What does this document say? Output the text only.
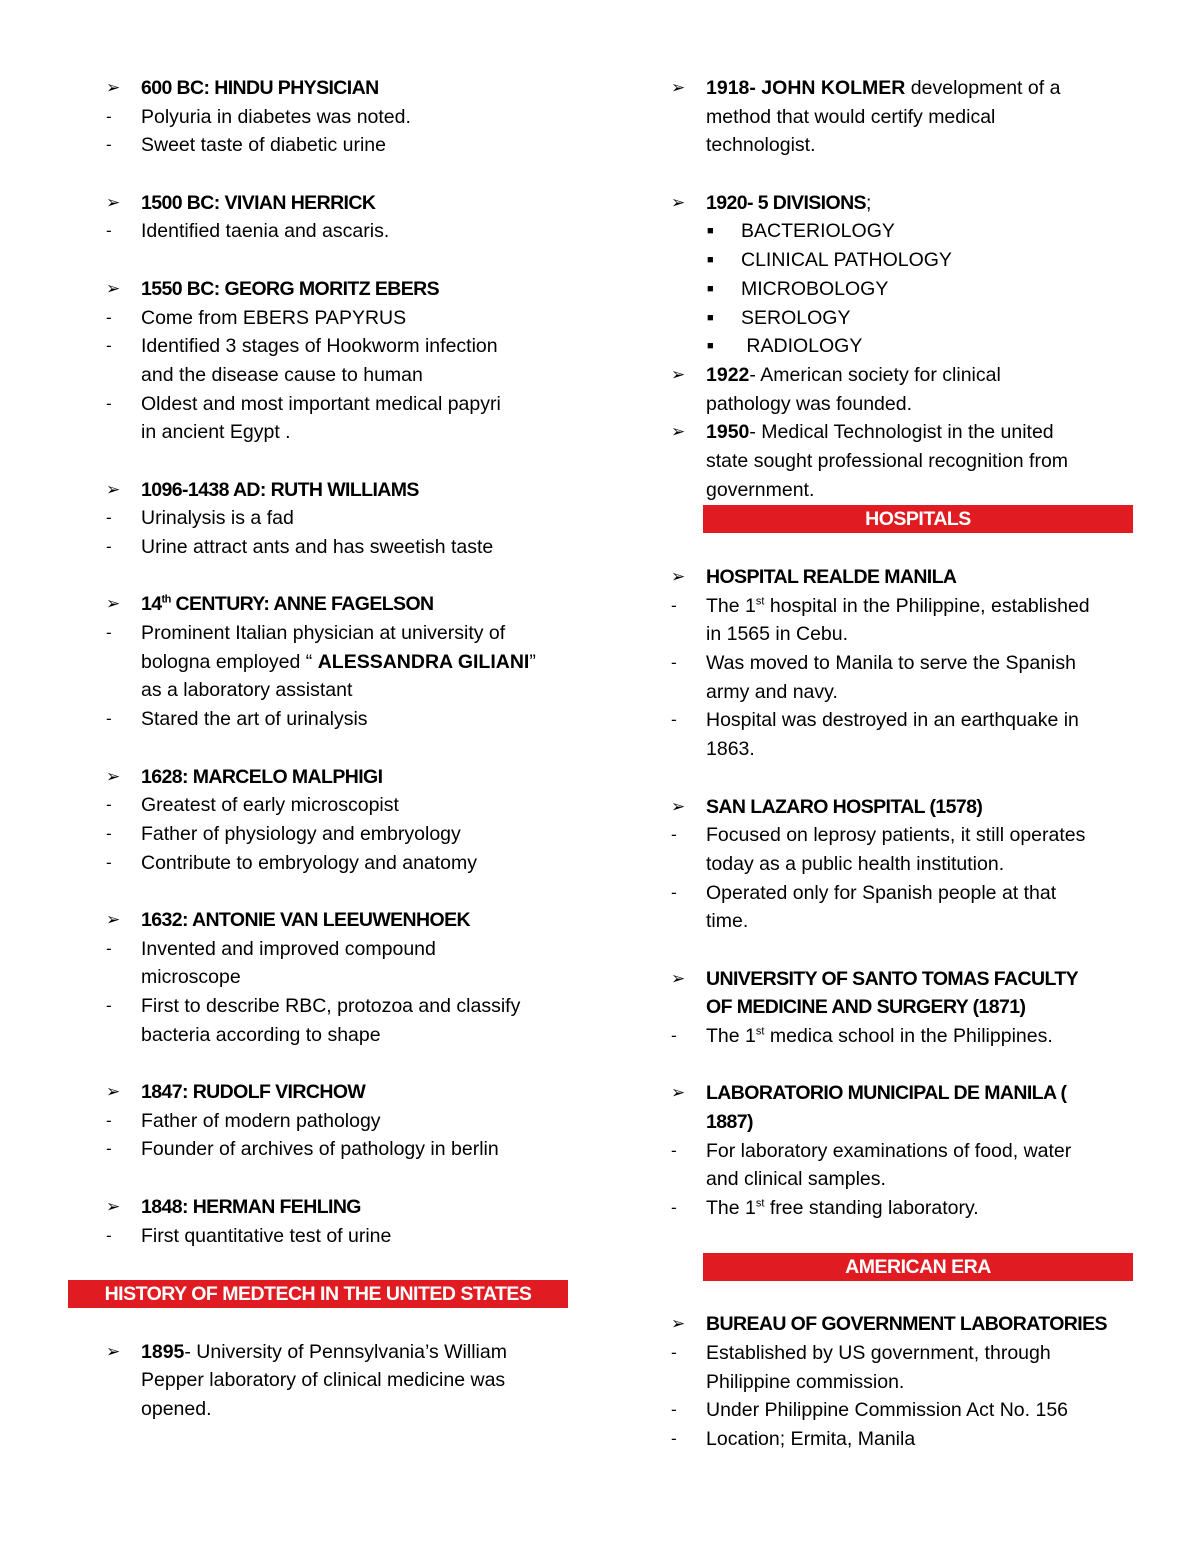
➢	600 BC: HINDU PHYSICIAN
-	Polyuria in diabetes was noted.
-	Sweet taste of diabetic urine
➢	1500 BC: VIVIAN HERRICK
-	Identified taenia and ascaris.
➢	1550 BC: GEORG MORITZ EBERS
-	Come from EBERS PAPYRUS
-	Identified 3 stages of Hookworm infection
and the disease cause to human
-	Oldest and most important medical papyri
in ancient Egypt .
➢	1096-1438 AD: RUTH WILLIAMS
-	Urinalysis is a fad
-	Urine attract ants and has sweetish taste
➢	14th CENTURY: ANNE FAGELSON
-	Prominent Italian physician at university of
bologna employed “ ALESSANDRA GILIANI”
as a laboratory assistant
-	Stared the art of urinalysis
➢	1628: MARCELO MALPHIGI
-	Greatest of early microscopist
-	Father of physiology and embryology
-	Contribute to embryology and anatomy
➢	1632: ANTONIE VAN LEEUWENHOEK
-	Invented and improved compound
microscope
-	First to describe RBC, protozoa and classify
bacteria according to shape
➢	1847: RUDOLF VIRCHOW
-	Father of modern pathology
-	Founder of archives of pathology in berlin
➢	1848: HERMAN FEHLING
-	First quantitative test of urine
HISTORY OF MEDTECH IN THE UNITED STATES
➢	1895- University of Pennsylvania’s William
Pepper laboratory of clinical medicine was
opened.
➢	1918- JOHN KOLMER development of a
method that would certify medical
technologist.
➢	1920- 5 DIVISIONS;
■ BACTERIOLOGY
■ CLINICAL PATHOLOGY
■ MICROBOLOGY
■ SEROLOGY
■ RADIOLOGY
➢	1922- American society for clinical
pathology was founded.
➢	1950- Medical Technologist in the united
state sought professional recognition from
government.
HOSPITALS
➢	HOSPITAL REALDE MANILA
-	The 1st hospital in the Philippine, established
in 1565 in Cebu.
-	Was moved to Manila to serve the Spanish
army and navy.
-	Hospital was destroyed in an earthquake in
1863.
➢	SAN LAZARO HOSPITAL (1578)
-	Focused on leprosy patients, it still operates
today as a public health institution.
-	Operated only for Spanish people at that
time.
➢	UNIVERSITY OF SANTO TOMAS FACULTY
OF MEDICINE AND SURGERY (1871)
-	The 1st medica school in the Philippines.
➢	LABORATORIO MUNICIPAL DE MANILA (
1887)
-	For laboratory examinations of food, water
and clinical samples.
-	The 1st free standing laboratory.
AMERICAN ERA
➢	BUREAU OF GOVERNMENT LABORATORIES
-	Established by US government, through
Philippine commission.
-	Under Philippine Commission Act No. 156
-	Location; Ermita, Manila
